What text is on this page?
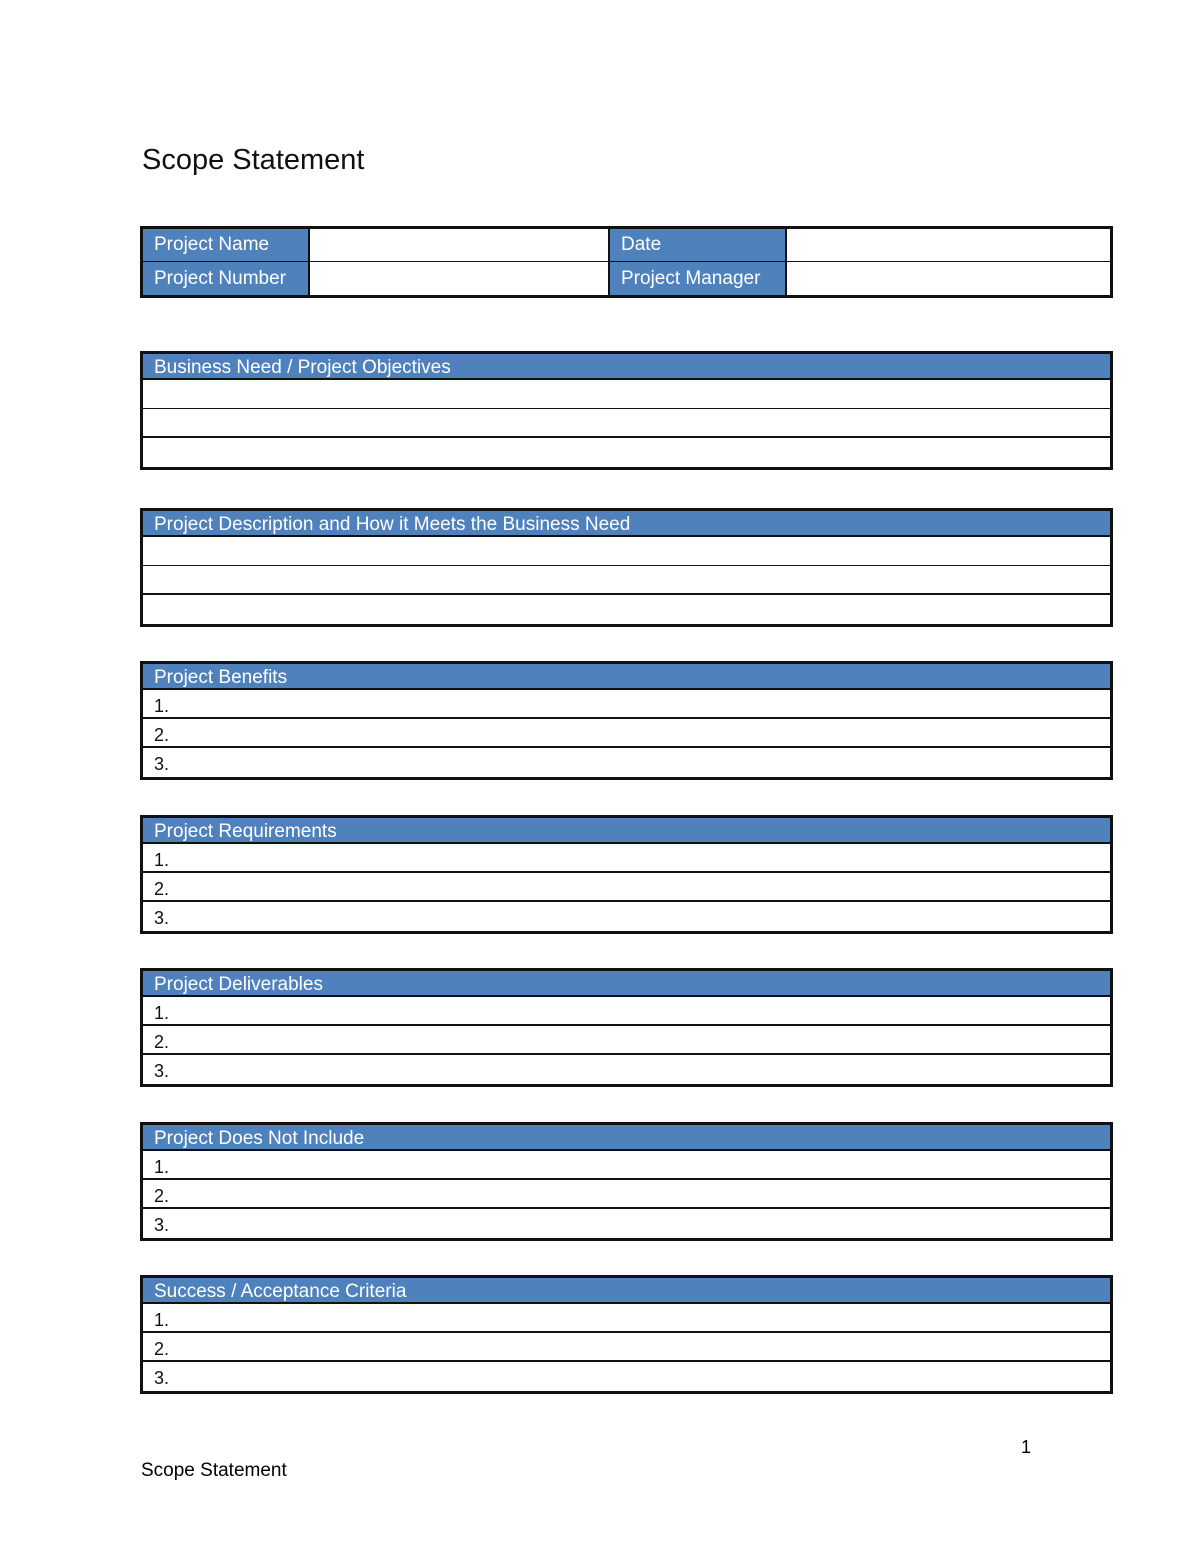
Scope Statement
Project Name	Date
Project Number	Project Manager
Business Need / Project Objectives
Project Description and How it Meets the Business Need
Project Benefits
1.
2.
3.
Project Requirements
1.
2.
3.
Project Deliverables
1.
2.
3.
Project Does Not Include
1.
2.
3.
Success / Acceptance Criteria
1.
2.
3.
1
Scope Statement
